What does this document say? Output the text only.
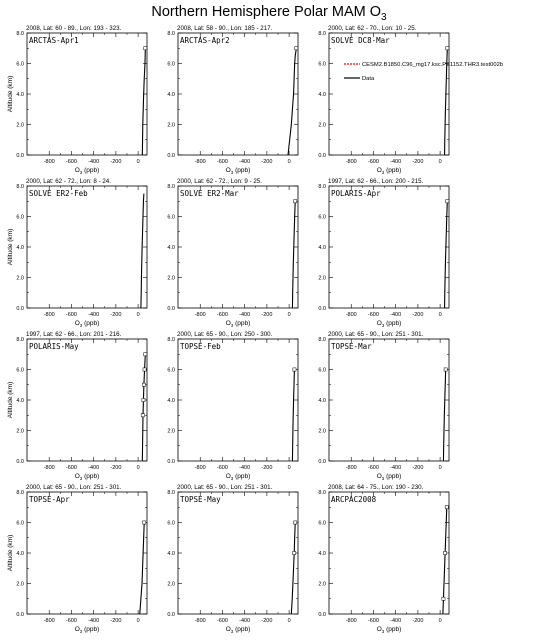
Northern Hemisphere Polar MAM $O_3$
2008, Lat: 60 - 89., Lon: 193 - 323.
0.0
2.0
4.0
6.0
8.0
-800 -600 -400 -200	0
$O_3$ (ppb)
Altitude (km)
ARCTAS-Apr1
2008, Lat: 58 - 90., Lon: 185 - 217.
0.0
2.0
4.0
6.0
8.0
-800 -600 -400 -200	0
$O_3$ (ppb)
ARCTAS-Apr2
2000, Lat: 62 - 70., Lon: 10 - 25.
0.0
2.0
4.0
6.0
8.0
-800 -600 -400 -200	0
$O_3$ (ppb)
SOLVE DC8-Mar
CESM2.B1850.C96_mg17.ksc.PE1152.THR3.test002b
Data
2000, Lat: 62 - 72., Lon: 8 - 24.
0.0
2.0
4.0
6.0
8.0
-800 -600 -400 -200	0
$O_3$ (ppb)
Altitude (km)
SOLVE ER2-Feb
2000, Lat: 62 - 72., Lon: 9 - 25.
0.0
2.0
4.0
6.0
8.0
-800 -600 -400 -200	0
$O_3$ (ppb)
SOLVE ER2-Mar
1997, Lat: 62 - 66., Lon: 200 - 215.
0.0
2.0
4.0
6.0
8.0
-800 -600 -400 -200	0
$O_3$ (ppb)
POLARIS-Apr
1997, Lat: 62 - 66., Lon: 201 - 216.
0.0
2.0
4.0
6.0
8.0
-800 -600 -400 -200	0
$O_3$ (ppb)
Altitude (km)
POLARIS-May
2000, Lat: 65 - 90., Lon: 250 - 300.
0.0
2.0
4.0
6.0
8.0
-800 -600 -400 -200	0
$O_3$ (ppb)
TOPSE-Feb
2000, Lat: 65 - 90., Lon: 251 - 301.
0.0
2.0
4.0
6.0
8.0
-800 -600 -400 -200	0
$O_3$ (ppb)
TOPSE-Mar
2000, Lat: 65 - 90., Lon: 251 - 301.
0.0
2.0
4.0
6.0
8.0
-800 -600 -400 -200	0
$O_3$ (ppb)
Altitude (km)
TOPSE-Apr
2000, Lat: 65 - 90., Lon: 251 - 301.
0.0
2.0
4.0
6.0
8.0
-800 -600 -400 -200	0
$O_3$ (ppb)
TOPSE-May
2008, Lat: 64 - 75., Lon: 190 - 230.
0.0
2.0
4.0
6.0
8.0
-800 -600 -400 -200	0
$O_3$ (ppb)
ARCPAC2008
